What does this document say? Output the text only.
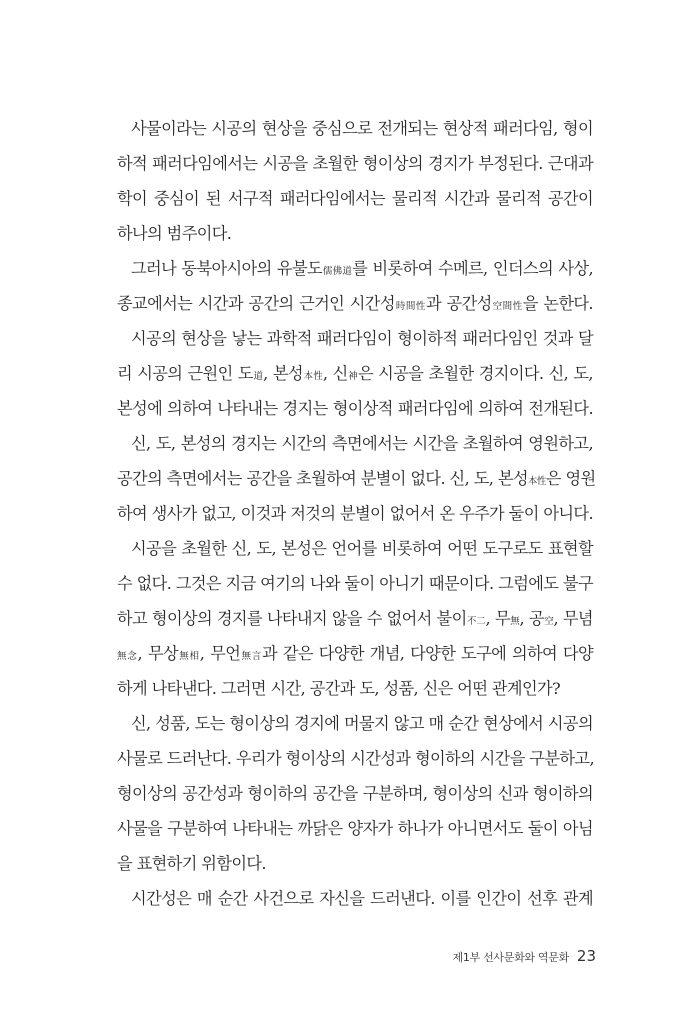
사물이라는 시공의 현상을 중심으로 전개되는 현상적 패러다임, 형이
하적 패러다임에서는 시공을 초월한 형이상의 경지가 부정된다. 근대과
학이 중심이 된 서구적 패러다임에서는 물리적 시간과 물리적 공간이
하나의 범주이다.
그러나 동북아시아의 유불도儒佛道를 비롯하여 수메르, 인더스의 사상,
종교에서는 시간과 공간의 근거인 시간성時間性과 공간성空間性을 논한다.
시공의 현상을 낳는 과학적 패러다임이 형이하적 패러다임인 것과 달
리 시공의 근원인 도道, 본성本性, 신神은 시공을 초월한 경지이다. 신, 도,
본성에 의하여 나타내는 경지는 형이상적 패러다임에 의하여 전개된다.
신, 도, 본성의 경지는 시간의 측면에서는 시간을 초월하여 영원하고,
공간의 측면에서는 공간을 초월하여 분별이 없다. 신, 도, 본성本性은 영원
하여 생사가 없고, 이것과 저것의 분별이 없어서 온 우주가 둘이 아니다.
시공을 초월한 신, 도, 본성은 언어를 비롯하여 어떤 도구로도 표현할
수 없다. 그것은 지금 여기의 나와 둘이 아니기 때문이다. 그럼에도 불구
하고 형이상의 경지를 나타내지 않을 수 없어서 불이不二, 무無, 공空, 무념
無念, 무상無相, 무언無言과 같은 다양한 개념, 다양한 도구에 의하여 다양
하게 나타낸다. 그러면 시간, 공간과 도, 성품, 신은 어떤 관계인가?
신, 성품, 도는 형이상의 경지에 머물지 않고 매 순간 현상에서 시공의
사물로 드러난다. 우리가 형이상의 시간성과 형이하의 시간을 구분하고,
형이상의 공간성과 형이하의 공간을 구분하며, 형이상의 신과 형이하의
사물을 구분하여 나타내는 까닭은 양자가 하나가 아니면서도 둘이 아님
을 표현하기 위함이다.
시간성은 매 순간 사건으로 자신을 드러낸다. 이를 인간이 선후 관계
제1부 선사문화와 역문화 23
